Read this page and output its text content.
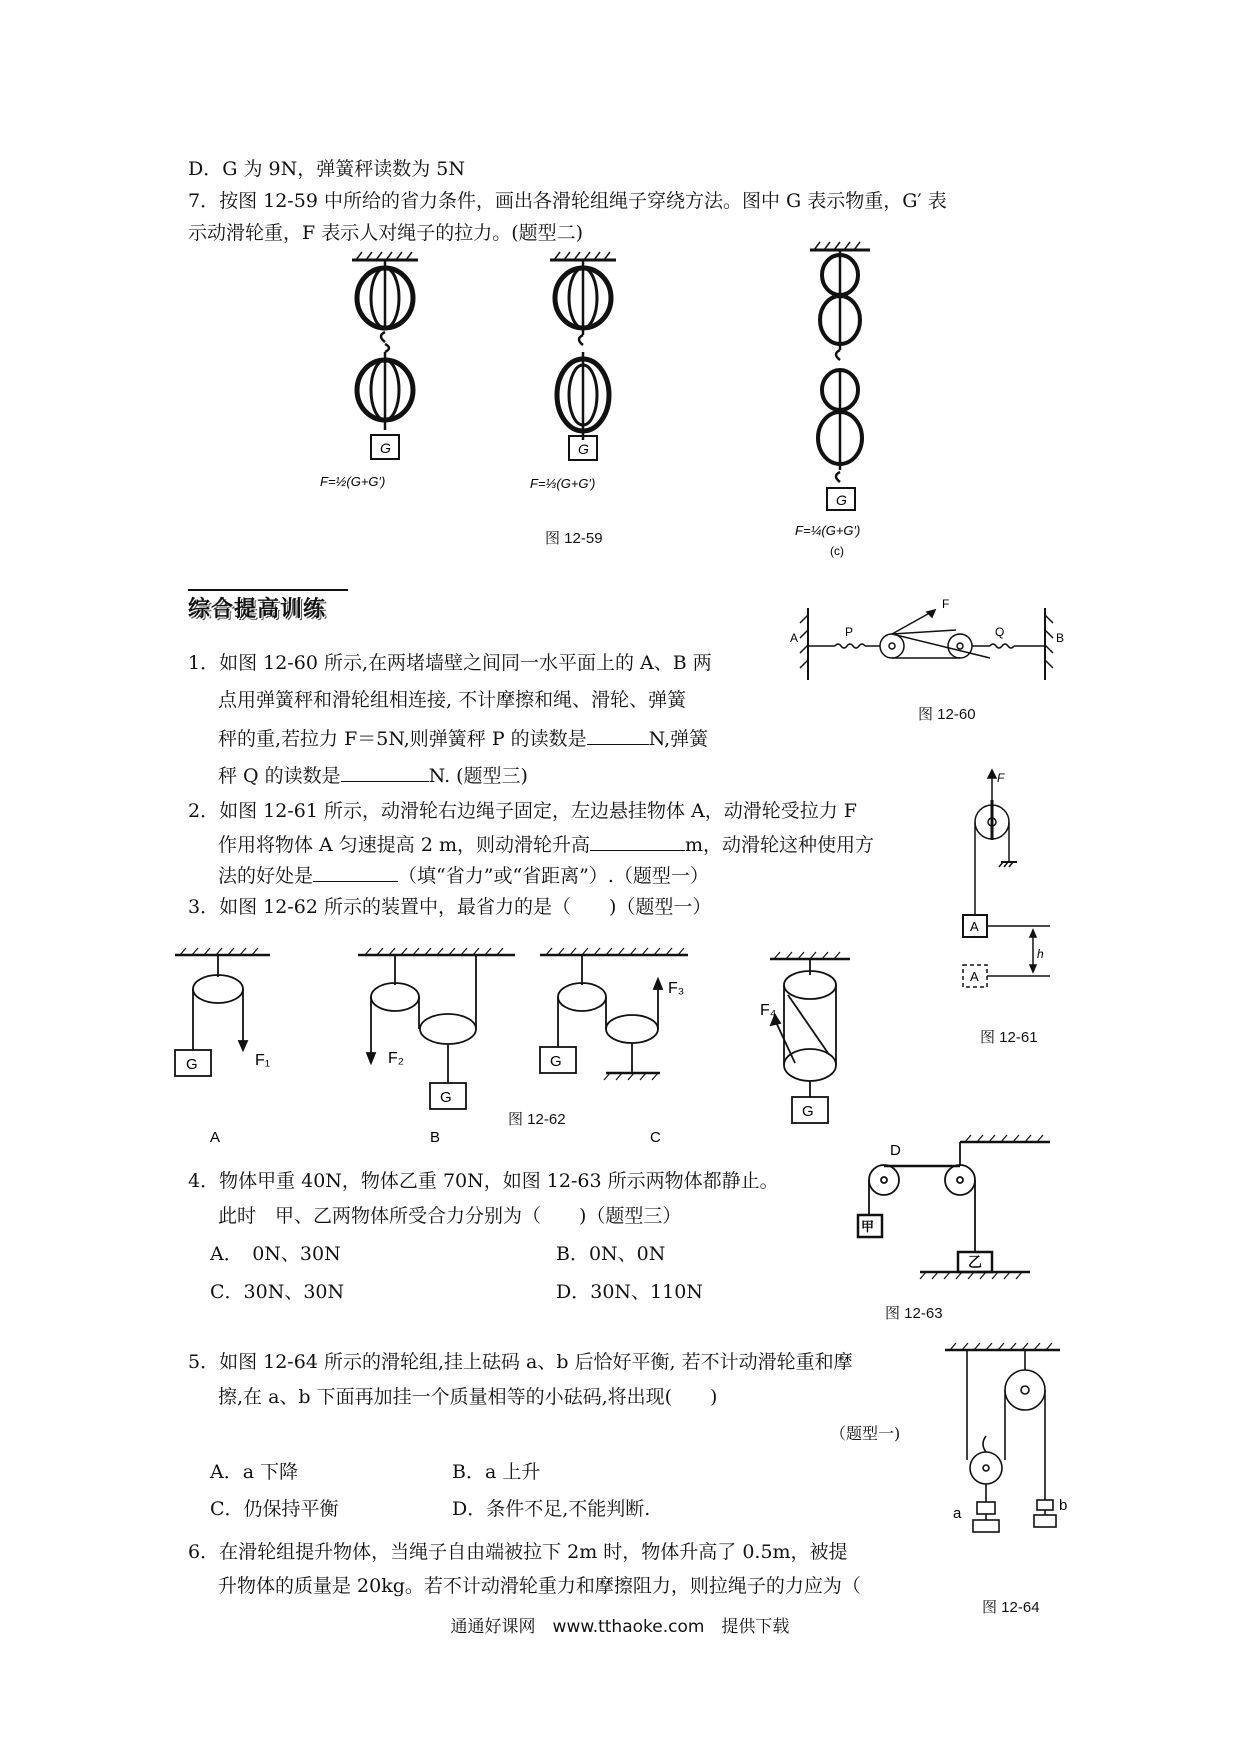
D．G 为 9N，弹簧秤读数为 5N
7．按图 12-59 中所给的省力条件，画出各滑轮组绳子穿绕方法。图中 G 表示物重，G′ 表
示动滑轮重，F 表示人对绳子的拉力。(题型二)
G	G
G
F=½(G+G′)	F=⅓(G+G′)
F=¼(G+G′)
(c)
图 12-59
综合提高训练
1．如图 12-60 所示,在两堵墙壁之间同一水平面上的 A、B 两
点用弹簧秤和滑轮组相连接, 不计摩擦和绳、滑轮、弹簧
秤的重,若拉力 F＝5N,则弹簧秤 P 的读数是	N,弹簧
秤 Q 的读数是	N. (题型三)
A	B
P	Q
F
图 12-60
2．如图 12-61 所示，动滑轮右边绳子固定，左边悬挂物体 A，动滑轮受拉力 F
作用将物体 A 匀速提高 2 m，则动滑轮升高	m，动滑轮这种使用方
法的好处是	（填“省力”或“省距离”）.（题型一）
F
A
A
h
图 12-61
3．如图 12-62 所示的装置中，最省力的是（　　)（题型一）
G
G
G
G
F₁	F₂
F₃
F₄
A	B	C
图 12-62
4．物体甲重 40N，物体乙重 70N，如图 12-63 所示两物体都静止。
此时　甲、乙两物体所受合力分别为（　　)（题型三）
A．　0N、30N	B．0N、0N
C．30N、30N	D．30N、110N
D
甲
乙
图 12-63
5．如图 12-64 所示的滑轮组,挂上砝码 a、b 后恰好平衡, 若不计动滑轮重和摩
擦,在 a、b 下面再加挂一个质量相等的小砝码,将出现(　　)
（题型一)
A．a 下降	B．a 上升
C．仍保持平衡	D．条件不足,不能判断.	a	b
图 12-64
6．在滑轮组提升物体，当绳子自由端被拉下 2m 时，物体升高了 0.5m，被提
升物体的质量是 20kg。若不计动滑轮重力和摩擦阻力，则拉绳子的力应为（
通通好课网　www.tthaoke.com　提供下载
